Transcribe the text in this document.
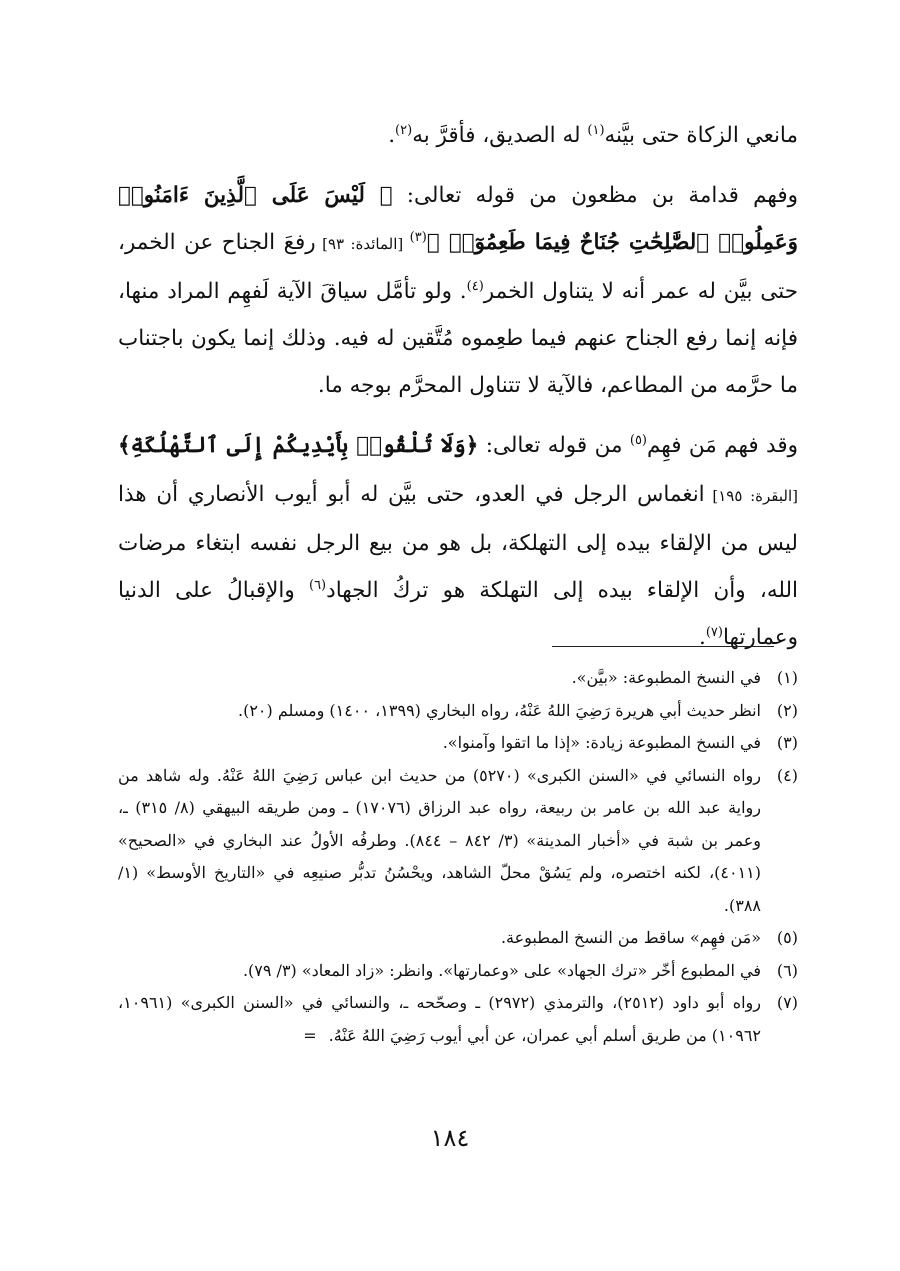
مانعي الزكاة حتى بيَّنه$^{(١)}$ له الصديق، فأقرَّ به$^{(٢)}$.

وفهم قدامة بن مظعون من قوله تعالى: ﴿ لَيْسَ عَلَى ٱلَّذِينَ ءَامَنُوا۟ وَعَمِلُوا۟ ٱلصَّٰلِحَٰتِ جُنَاحٌ فِيمَا طَعِمُوٓا۟ ﴾$^{(٣)}$ [المائدة: ٩٣] رفعَ الجناح عن الخمر، حتى بيَّن له عمر أنه لا يتناول الخمر$^{(٤)}$. ولو تأمَّل سياقَ الآية لَفهِم المراد منها، فإنه إنما رفع الجناح عنهم فيما طعِموه مُتَّقين له فيه. وذلك إنما يكون باجتناب ما حرَّمه من المطاعم، فالآية لا تتناول المحرَّم بوجه ما.

وقد فهم مَن فهِم$^{(٥)}$ من قوله تعالى: ﴿وَلَا تُلْقُوا۟ بِأَيْدِيكُمْ إِلَى ٱلتَّهْلُكَةِ﴾ [البقرة: ١٩٥] انغماس الرجل في العدو، حتى بيَّن له أبو أيوب الأنصاري أن هذا ليس من الإلقاء بيده إلى التهلكة، بل هو من بيع الرجل نفسه ابتغاء مرضات الله، وأن الإلقاء بيده إلى التهلكة هو تركُ الجهاد$^{(٦)}$ والإقبالُ على الدنيا وعمارتها$^{(٧)}$.

(١)
في النسخ المطبوعة: «بيَّن».
(٢)
انظر حديث أبي هريرة رَضِيَ اللهُ عَنْهُ، رواه البخاري (١٣٩٩، ١٤٠٠) ومسلم (٢٠).
(٣)
في النسخ المطبوعة زيادة: «إذا ما اتقوا وآمنوا».
(٤)
رواه النسائي في «السنن الكبرى» (٥٢٧٠) من حديث ابن عباس رَضِيَ اللهُ عَنْهُ. وله شاهد من رواية عبد الله بن عامر بن ربيعة، رواه عبد الرزاق (١٧٠٧٦) ـ ومن طريقه البيهقي (٨/ ٣١٥) ـ، وعمر بن شبة في «أخبار المدينة» (٣/ ٨٤٢ – ٨٤٤). وطرفُه الأولُ عند البخاري في «الصحيح» (٤٠١١)، لكنه اختصره، ولم يَسُقْ محلّ الشاهد، ويحْسُنُ تدبُّر صنيعِه في «التاريخ الأوسط» (١/ ٣٨٨).
(٥)
«مَن فهِم» ساقط من النسخ المطبوعة.
(٦)
في المطبوع أخّر «ترك الجهاد» على «وعمارتها». وانظر: «زاد المعاد» (٣/ ٧٩).
(٧)
رواه أبو داود (٢٥١٢)، والترمذي (٢٩٧٢) ـ وصحّحه ـ، والنسائي في «السنن الكبرى» (١٠٩٦١، ١٠٩٦٢) من طريق أسلم أبي عمران، عن أبي أيوب رَضِيَ اللهُ عَنْهُ.=
١٨٤
